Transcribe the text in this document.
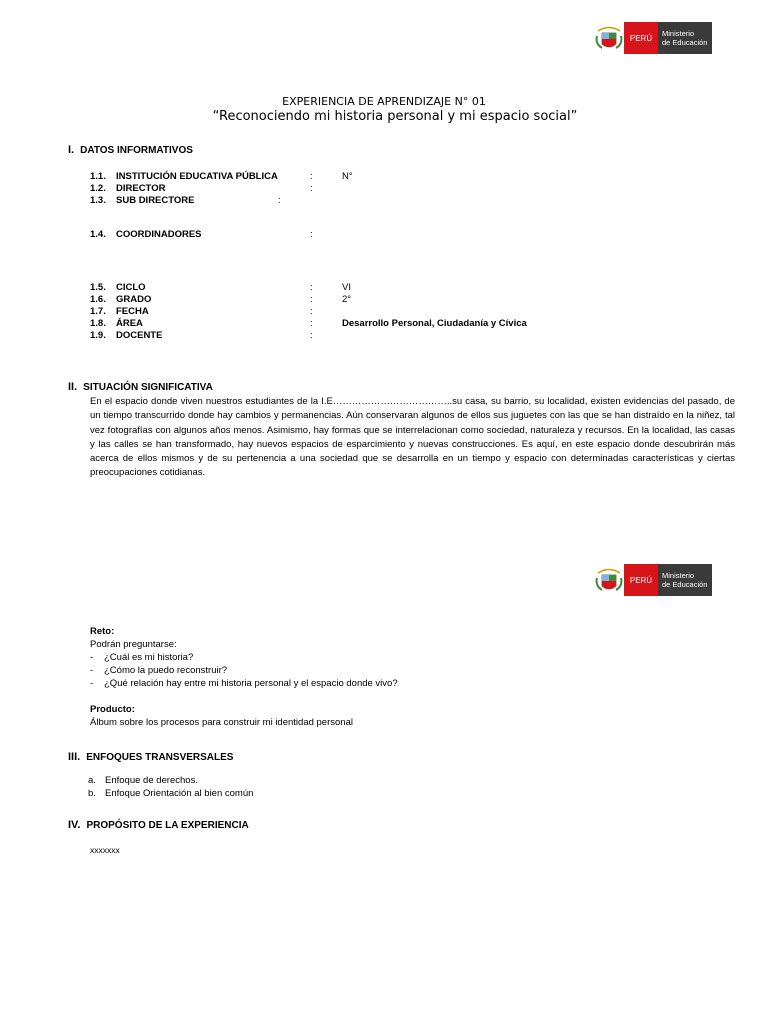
PERÚ	Ministerio
de Educación
EXPERIENCIA DE APRENDIZAJE N° 01
“Reconociendo mi historia personal y mi espacio social”
I. DATOS INFORMATIVOS
1.1. INSTITUCIÓN EDUCATIVA PÚBLICA	:	N°
1.2. DIRECTOR	:
1.3. SUB DIRECTORE	:
1.4. COORDINADORES	:
1.5. CICLO	:	VI
1.6. GRADO	:	2°
1.7. FECHA	:
1.8. ÁREA	:	Desarrollo Personal, Ciudadanía y Cívica
1.9. DOCENTE	:
II. SITUACIÓN SIGNIFICATIVA
En el espacio donde viven nuestros estudiantes de la I.E………………………………..su casa, su barrio, su localidad, existen evidencias del pasado, de un tiempo transcurrido donde hay cambios y permanencias. Aún conservaran algunos de ellos sus juguetes con las que se han distraído en la niñez, tal vez fotografías con algunos años menos. Asimismo, hay formas que se interrelacionan como sociedad, naturaleza y recursos. En la localidad, las casas y las calles se han transformado, hay nuevos espacios de esparcimiento y nuevas construcciones. Es aquí, en este espacio donde descubrirán más acerca de ellos mismos y de su pertenencia a una sociedad que se desarrolla en un tiempo y espacio con determinadas características y ciertas preocupaciones cotidianas.
PERÚ	Ministerio
de Educación
Reto:
Podrán preguntarse:
- ¿Cuál es mi historia?
- ¿Cómo la puedo reconstruir?
- ¿Qué relación hay entre mi historia personal y el espacio donde vivo?
Producto:
Álbum sobre los procesos para construir mi identidad personal
III. ENFOQUES TRANSVERSALES
a. Enfoque de derechos.
b. Enfoque Orientación al bien común
IV. PROPÓSITO DE LA EXPERIENCIA
xxxxxxx
